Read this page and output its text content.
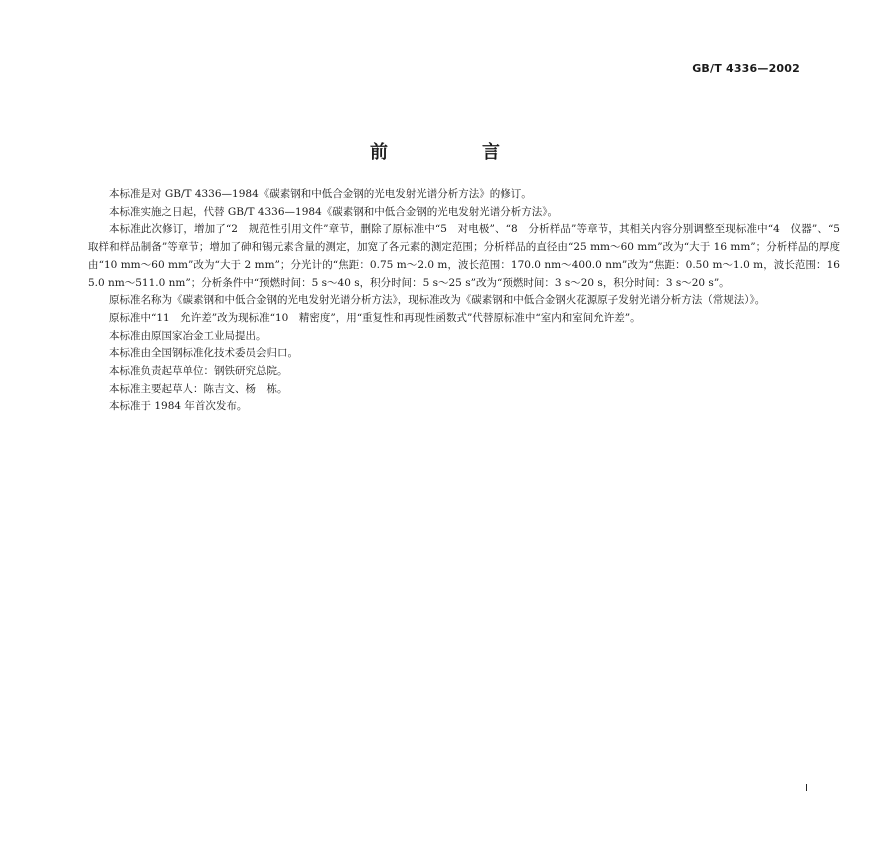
GB/T 4336—2002
前　言

本标准是对 GB/T 4336—1984《碳素钢和中低合金钢的光电发射光谱分析方法》的修订。

本标准实施之日起，代替 GB/T 4336—1984《碳素钢和中低合金钢的光电发射光谱分析方法》。

本标准此次修订，增加了“2　规范性引用文件”章节，删除了原标准中“5　对电极”、“8　分析样品”等章节，其相关内容分别调整至现标准中“4　仪器”、“5　取样和样品制备”等章节；增加了砷和锡元素含量的测定，加宽了各元素的测定范围；分析样品的直径由“25 mm～60 mm”改为“大于 16 mm”；分析样品的厚度由“10 mm～60 mm”改为“大于 2 mm”；分光计的“焦距：0.75 m～2.0 m，波长范围：170.0 nm～400.0 nm”改为“焦距：0.50 m～1.0 m，波长范围：165.0 nm～511.0 nm”；分析条件中“预燃时间：5 s～40 s，积分时间：5 s～25 s”改为“预燃时间：3 s～20 s，积分时间：3 s～20 s”。

原标准名称为《碳素钢和中低合金钢的光电发射光谱分析方法》，现标准改为《碳素钢和中低合金钢火花源原子发射光谱分析方法（常规法）》。

原标准中“11　允许差”改为现标准“10　精密度”，用“重复性和再现性函数式”代替原标准中“室内和室间允许差”。

本标准由原国家冶金工业局提出。

本标准由全国钢标准化技术委员会归口。

本标准负责起草单位：钢铁研究总院。

本标准主要起草人：陈吉文、杨　栋。

本标准于 1984 年首次发布。

I
